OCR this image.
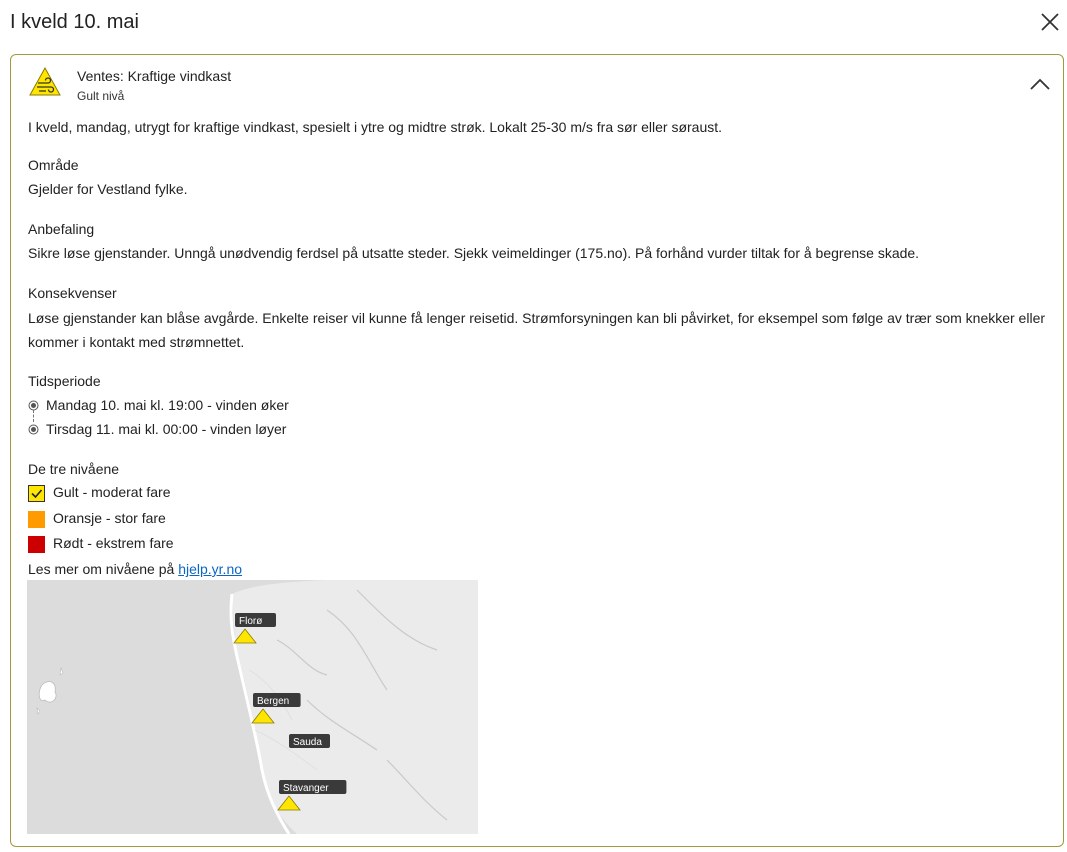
I kveld 10. mai
Ventes: Kraftige vindkast
Gult nivå
I kveld, mandag, utrygt for kraftige vindkast, spesielt i ytre og midtre strøk. Lokalt 25-30 m/s fra sør eller søraust.
Område
Gjelder for Vestland fylke.
Anbefaling
Sikre løse gjenstander. Unngå unødvendig ferdsel på utsatte steder. Sjekk veimeldinger (175.no). På forhånd vurder tiltak for å begrense skade.
Konsekvenser
Løse gjenstander kan blåse avgårde. Enkelte reiser vil kunne få lenger reisetid. Strømforsyningen kan bli påvirket, for eksempel som følge av trær som knekker eller kommer i kontakt med strømnettet.
Tidsperiode
Mandag 10. mai kl. 19:00 - vinden øker
Tirsdag 11. mai kl. 00:00 - vinden løyer
De tre nivåene
Gult - moderat fare
Oransje - stor fare
Rødt - ekstrem fare
Les mer om nivåene på hjelp.yr.no
Florø
Bergen
Sauda
Stavanger
